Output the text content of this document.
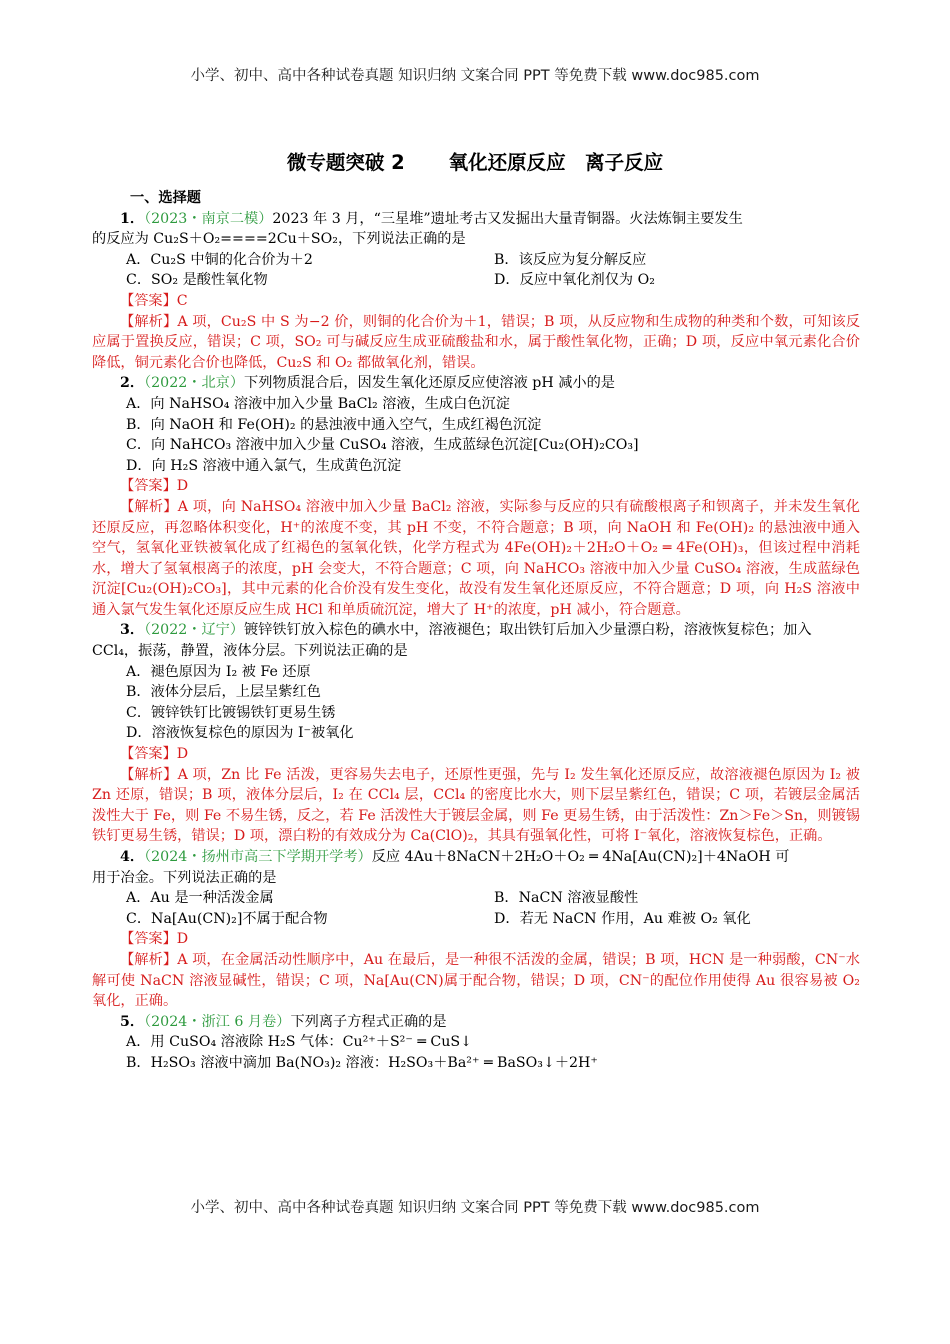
小学、初中、高中各种试卷真题 知识归纳 文案合同 PPT 等免费下载 www.doc985.com
微专题突破 2 氧化还原反应　离子反应

一、选择题

1．（2023・南京二模）2023 年 3 月，“三星堆”遗址考古又发掘出大量青铜器。火法炼铜主要发生

的反应为 Cu₂S＋O₂====2Cu＋SO₂，下列说法正确的是

A．Cu₂S 中铜的化合价为＋2	B．该反应为复分解反应
C．SO₂ 是酸性氧化物	D．反应中氧化剂仅为 O₂

【答案】C

【解析】A 项，Cu₂S 中 S 为−2 价，则铜的化合价为＋1，错误；B 项，从反应物和生成物的种类和个数，可知该反应属于置换反应，错误；C 项，SO₂ 可与碱反应生成亚硫酸盐和水，属于酸性氧化物，正确；D 项，反应中氧元素化合价降低，铜元素化合价也降低，Cu₂S 和 O₂ 都做氧化剂，错误。

2．（2022・北京）下列物质混合后，因发生氧化还原反应使溶液 pH 减小的是

A．向 NaHSO₄ 溶液中加入少量 BaCl₂ 溶液，生成白色沉淀

B．向 NaOH 和 Fe(OH)₂ 的悬浊液中通入空气，生成红褐色沉淀

C．向 NaHCO₃ 溶液中加入少量 CuSO₄ 溶液，生成蓝绿色沉淀[Cu₂(OH)₂CO₃]

D．向 H₂S 溶液中通入氯气，生成黄色沉淀

【答案】D

【解析】A 项，向 NaHSO₄ 溶液中加入少量 BaCl₂ 溶液，实际参与反应的只有硫酸根离子和钡离子，并未发生氧化还原反应，再忽略体积变化，H⁺的浓度不变，其 pH 不变，不符合题意；B 项，向 NaOH 和 Fe(OH)₂ 的悬浊液中通入空气，氢氧化亚铁被氧化成了红褐色的氢氧化铁，化学方程式为 4Fe(OH)₂＋2H₂O＋O₂ ═ 4Fe(OH)₃，但该过程中消耗水，增大了氢氧根离子的浓度，pH 会变大，不符合题意；C 项，向 NaHCO₃ 溶液中加入少量 CuSO₄ 溶液，生成蓝绿色沉淀[Cu₂(OH)₂CO₃]，其中元素的化合价没有发生变化，故没有发生氧化还原反应，不符合题意；D 项，向 H₂S 溶液中通入氯气发生氧化还原反应生成 HCl 和单质硫沉淀，增大了 H⁺的浓度，pH 减小，符合题意。

3．（2022・辽宁）镀锌铁钉放入棕色的碘水中，溶液褪色；取出铁钉后加入少量漂白粉，溶液恢复棕色；加入 CCl₄，振荡，静置，液体分层。下列说法正确的是

A．褪色原因为 I₂ 被 Fe 还原

B．液体分层后，上层呈紫红色

C．镀锌铁钉比镀锡铁钉更易生锈

D．溶液恢复棕色的原因为 I⁻被氧化

【答案】D

【解析】A 项，Zn 比 Fe 活泼，更容易失去电子，还原性更强，先与 I₂ 发生氧化还原反应，故溶液褪色原因为 I₂ 被 Zn 还原，错误；B 项，液体分层后，I₂ 在 CCl₄ 层，CCl₄ 的密度比水大，则下层呈紫红色，错误；C 项，若镀层金属活泼性大于 Fe，则 Fe 不易生锈，反之，若 Fe 活泼性大于镀层金属，则 Fe 更易生锈，由于活泼性：Zn＞Fe＞Sn，则镀锡铁钉更易生锈，错误；D 项，漂白粉的有效成分为 Ca(ClO)₂，其具有强氧化性，可将 I⁻氧化，溶液恢复棕色，正确。

4．（2024・扬州市高三下学期开学考）反应 4Au＋8NaCN＋2H₂O＋O₂ ═ 4Na[Au(CN)₂]＋4NaOH 可

用于冶金。下列说法正确的是

A．Au 是一种活泼金属	B．NaCN 溶液显酸性
C．Na[Au(CN)₂]不属于配合物	D．若无 NaCN 作用，Au 难被 O₂ 氧化

【答案】D

【解析】A 项，在金属活动性顺序中，Au 在最后，是一种很不活泼的金属，错误；B 项，HCN 是一种弱酸，CN⁻水解可使 NaCN 溶液显碱性，错误；C 项，Na[Au(CN)属于配合物，错误；D 项，CN⁻的配位作用使得 Au 很容易被 O₂ 氧化，正确。

5．（2024・浙江 6 月卷）下列离子方程式正确的是

A．用 CuSO₄ 溶液除 H₂S 气体：Cu²⁺＋S²⁻ ═ CuS↓

B．H₂SO₃ 溶液中滴加 Ba(NO₃)₂ 溶液：H₂SO₃＋Ba²⁺ ═ BaSO₃↓＋2H⁺

小学、初中、高中各种试卷真题 知识归纳 文案合同 PPT 等免费下载 www.doc985.com
